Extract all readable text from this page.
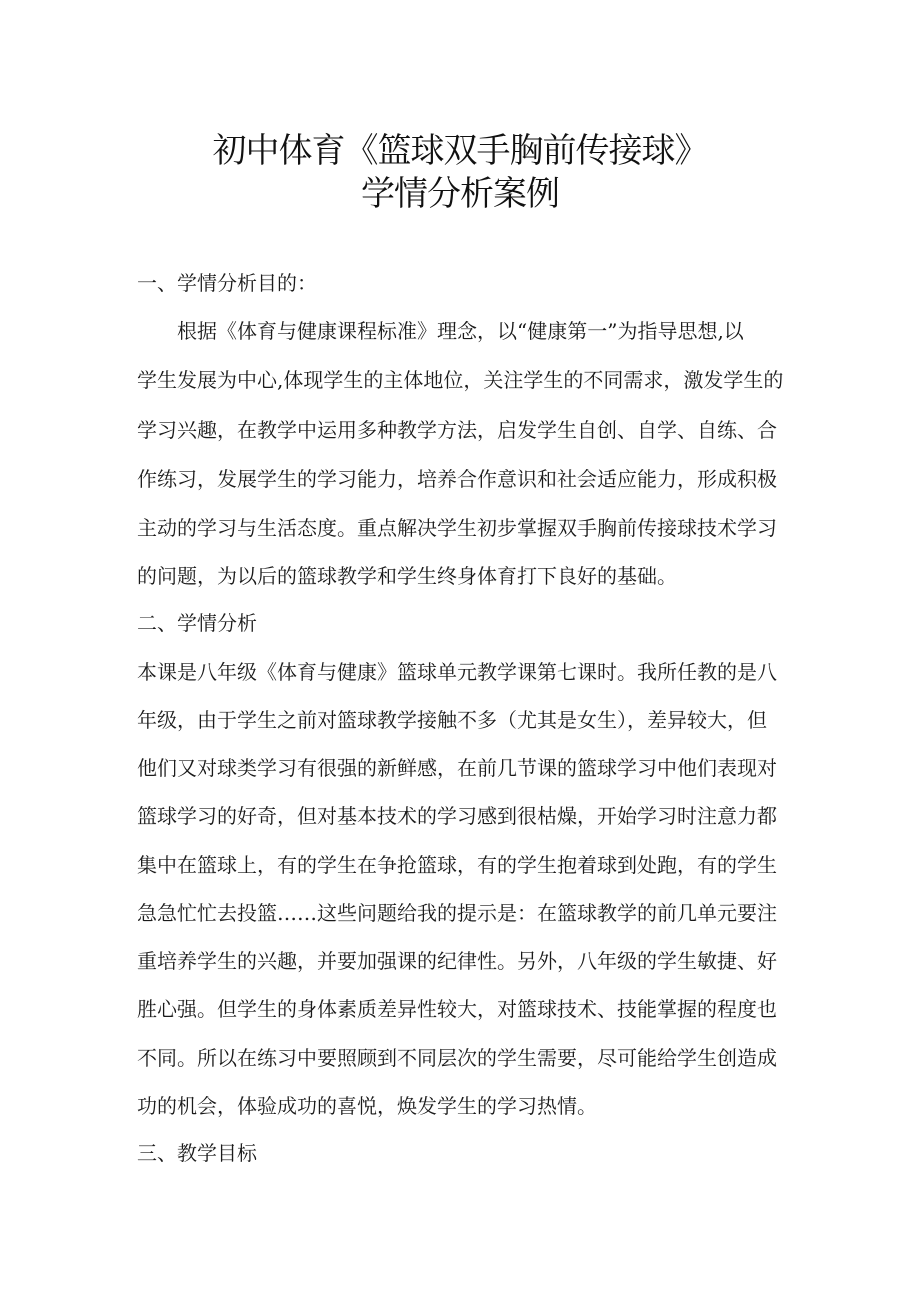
初中体育《篮球双手胸前传接球》
学情分析案例
一、学情分析目的：
根据《体育与健康课程标准》理念，以“健康第一”为指导思想,以
学生发展为中心,体现学生的主体地位，关注学生的不同需求，激发学生的
学习兴趣，在教学中运用多种教学方法，启发学生自创、自学、自练、合
作练习，发展学生的学习能力，培养合作意识和社会适应能力，形成积极
主动的学习与生活态度。重点解决学生初步掌握双手胸前传接球技术学习
的问题，为以后的篮球教学和学生终身体育打下良好的基础。
二、学情分析
本课是八年级《体育与健康》篮球单元教学课第七课时。我所任教的是八
年级，由于学生之前对篮球教学接触不多（尤其是女生），差异较大，但
他们又对球类学习有很强的新鲜感，在前几节课的篮球学习中他们表现对
篮球学习的好奇，但对基本技术的学习感到很枯燥，开始学习时注意力都
集中在篮球上，有的学生在争抢篮球，有的学生抱着球到处跑，有的学生
急急忙忙去投篮……这些问题给我的提示是：在篮球教学的前几单元要注
重培养学生的兴趣，并要加强课的纪律性。另外，八年级的学生敏捷、好
胜心强。但学生的身体素质差异性较大，对篮球技术、技能掌握的程度也
不同。所以在练习中要照顾到不同层次的学生需要，尽可能给学生创造成
功的机会，体验成功的喜悦，焕发学生的学习热情。
三、教学目标
